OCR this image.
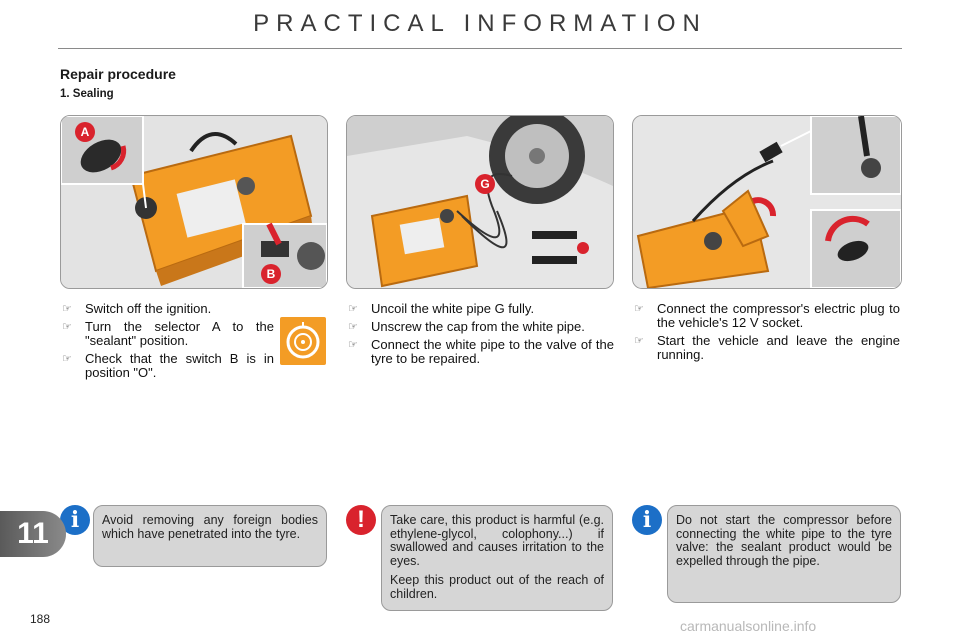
PRACTICAL INFORMATION
Repair procedure
1. Sealing
A
B
G
☞ Switch off the ignition.
☞ Turn the selector A to the "sealant" position.
☞ Check that the switch B is in position "O".
☞ Uncoil the white pipe G fully.
☞ Unscrew the cap from the white pipe.
☞ Connect the white pipe to the valve of the tyre to be repaired.
☞ Connect the compressor's electric plug to the vehicle's 12 V socket.
☞ Start the vehicle and leave the engine running.
i	Avoid removing any foreign bodies which have penetrated into the tyre.

!	Take care, this product is harmful (e.g. ethylene-glycol, colophony...) if swallowed and causes irritation to the eyes.

Keep this product out of the reach of children.

i	Do not start the compressor before connecting the white pipe to the tyre valve: the sealant product would be expelled through the pipe.

11
188	carmanualsonline.info
